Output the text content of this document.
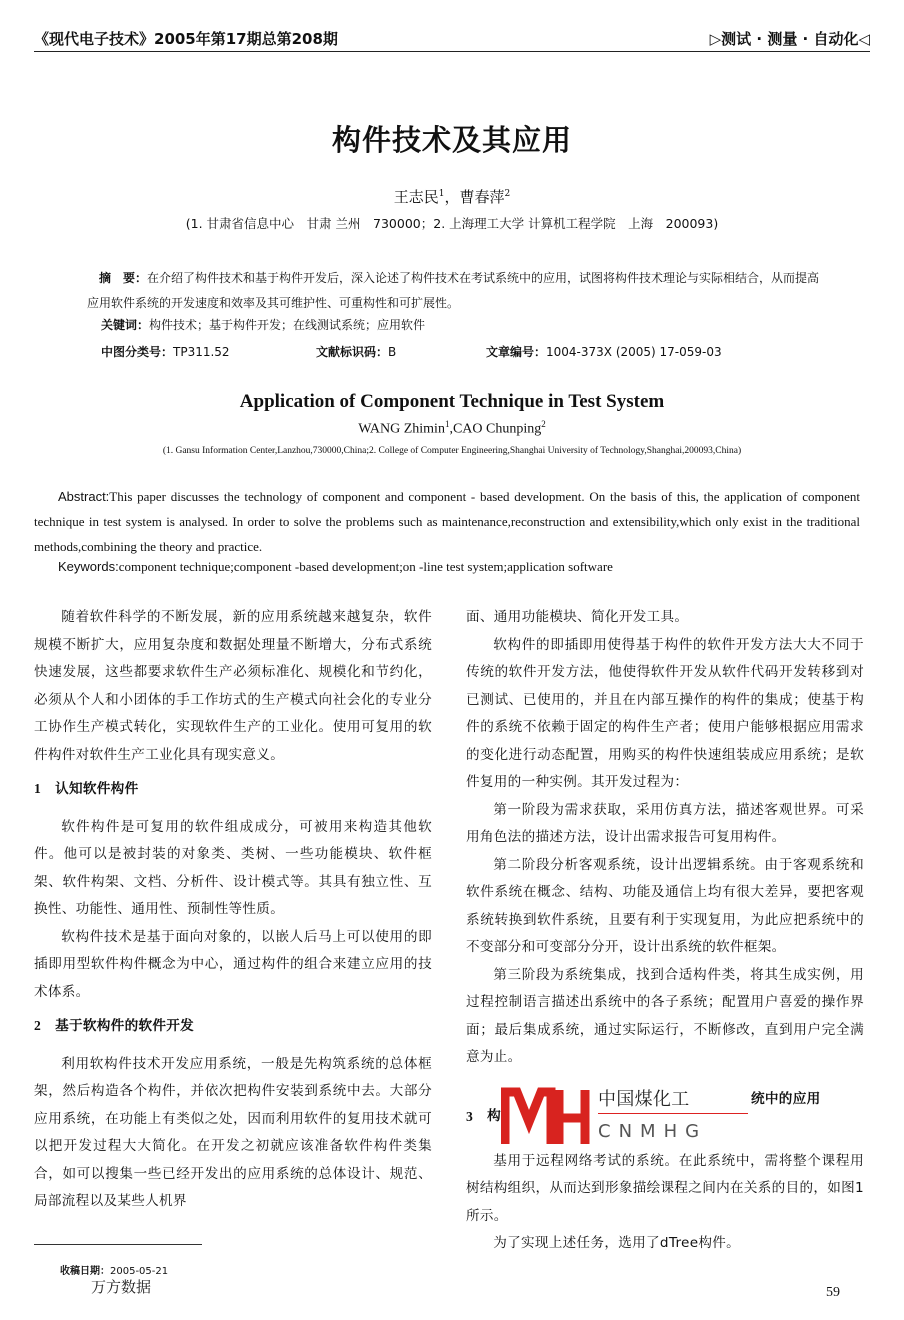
《现代电子技术》2005年第17期总第208期	▷测试 · 测量 · 自动化◁
构件技术及其应用
王志民$^1$，曹春萍$^2$
(1. 甘肃省信息中心　甘肃 兰州　730000；2. 上海理工大学 计算机工程学院　上海　200093)
摘　要：在介绍了构件技术和基于构件开发后，深入论述了构件技术在考试系统中的应用，试图将构件技术理论与实际相结合，从而提高应用软件系统的开发速度和效率及其可维护性、可重构性和可扩展性。
关键词：构件技术；基于构件开发；在线测试系统；应用软件
中图分类号：TP311.52	文献标识码：B	文章编号：1004-373X (2005) 17-059-03
Application of Component Technique in Test System
WANG Zhimin$^1$,CAO Chunping$^2$
(1. Gansu Information Center,Lanzhou,730000,China;2. College of Computer Engineering,Shanghai University of Technology,Shanghai,200093,China)
Abstract:This paper discusses the technology of component and component - based development. On the basis of this, the application of component technique in test system is analysed. In order to solve the problems such as maintenance,reconstruction and extensibility,which only exist in the traditional methods,combining the theory and practice.
Keywords:component technique;component -based development;on -line test system;application software

随着软件科学的不断发展，新的应用系统越来越复杂，软件规模不断扩大，应用复杂度和数据处理量不断增大，分布式系统快速发展，这些都要求软件生产必须标准化、规模化和节约化，必须从个人和小团体的手工作坊式的生产模式向社会化的专业分工协作生产模式转化，实现软件生产的工业化。使用可复用的软件构件对软件生产工业化具有现实意义。

1 认知软件构件

软件构件是可复用的软件组成成分，可被用来构造其他软件。他可以是被封装的对象类、类树、一些功能模块、软件框架、软件构架、文档、分析件、设计模式等。其具有独立性、互换性、功能性、通用性、预制性等性质。

软构件技术是基于面向对象的，以嵌人后马上可以使用的即插即用型软件构件概念为中心，通过构件的组合来建立应用的技术体系。

2 基于软构件的软件开发

利用软构件技术开发应用系统，一般是先构筑系统的总体框架，然后构造各个构件，并依次把构件安装到系统中去。大部分应用系统，在功能上有类似之处，因而利用软件的复用技术就可以把开发过程大大简化。在开发之初就应该准备软件构件类集合，如可以搜集一些已经开发出的应用系统的总体设计、规范、局部流程以及某些人机界

面、通用功能模块、简化开发工具。

软构件的即插即用使得基于构件的软件开发方法大大不同于传统的软件开发方法，他使得软件开发从软件代码开发转移到对已测试、已使用的，并且在内部互操作的构件的集成；使基于构件的系统不依赖于固定的构件生产者；使用户能够根据应用需求的变化进行动态配置，用购买的构件快速组装成应用系统；是软件复用的一种实例。其开发过程为：

第一阶段为需求获取，采用仿真方法，描述客观世界。可采用角色法的描述方法，设计出需求报告可复用构件。

第二阶段分析客观系统，设计出逻辑系统。由于客观系统和软件系统在概念、结构、功能及通信上均有很大差异，要把客观系统转换到软件系统，且要有利于实现复用，为此应把系统中的不变部分和可变部分分开，设计出系统的软件框架。

第三阶段为系统集成，找到合适构件类，将其生成实例，用过程控制语言描述出系统中的各子系统；配置用户喜爱的操作界面；最后集成系统，通过实际运行，不断修改，直到用户完全满意为止。

3 构
中国煤化工
CNMHG
统中的应用

基用于远程网络考试的系统。在此系统中，需将整个课程用树结构组织，从而达到形象描绘课程之间内在关系的目的，如图1所示。

为了实现上述任务，选用了dTree构件。

收稿日期：2005-05-21
万方数据	59
